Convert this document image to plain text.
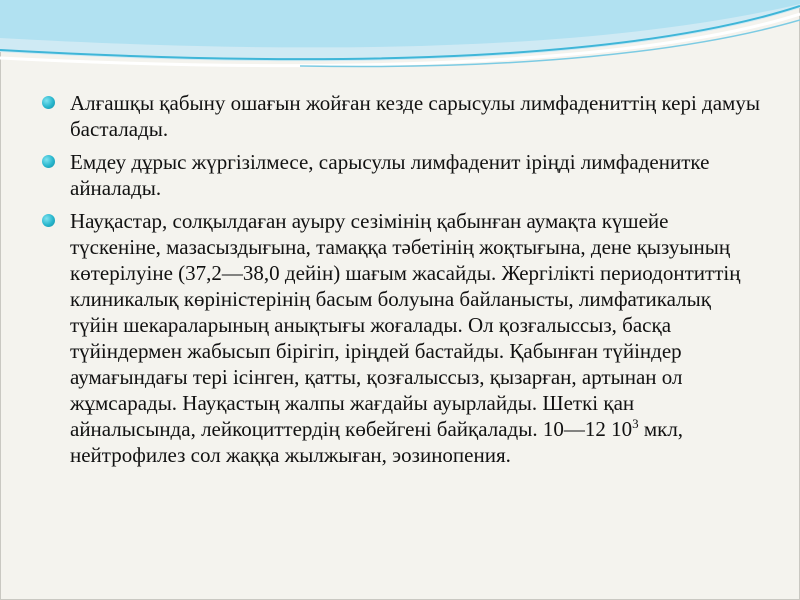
Алғашқы қабыну ошағын жойған кезде сарысулы лимфадениттің кері дамуы басталады.
Емдеу дұрыс жүргізілмесе, сарысулы лимфаденит іріңді лимфаденитке айналады.
Науқастар, солқылдаған ауыру сезімінің қабынған аумақта күшейе түскеніне, мазасыздығына, тамаққа тәбетінің жоқтығына, дене қызуының көтерілуіне (37,2—38,0 дейін) шағым жасайды. Жергілікті периодонтиттің клиникалық көріністерінің басым болуына байланысты, лимфатикалық түйін шекараларының анықтығы жоғалады. Ол қозғалыссыз, басқа түйіндермен жабысып бірігіп, іріңдей бастайды. Қабынған түйіндер аумағындағы тері ісінген, қатты, қозғалыссыз, қызарған, артынан ол жұмсарады. Науқастың жалпы жағдайы ауырлайды. Шеткі қан айналысында, лейкоциттердің көбейгені байқалады. 10—12 $10^3$ мкл, нейтрофилез сол жаққа жылжыған, эозинопения.
